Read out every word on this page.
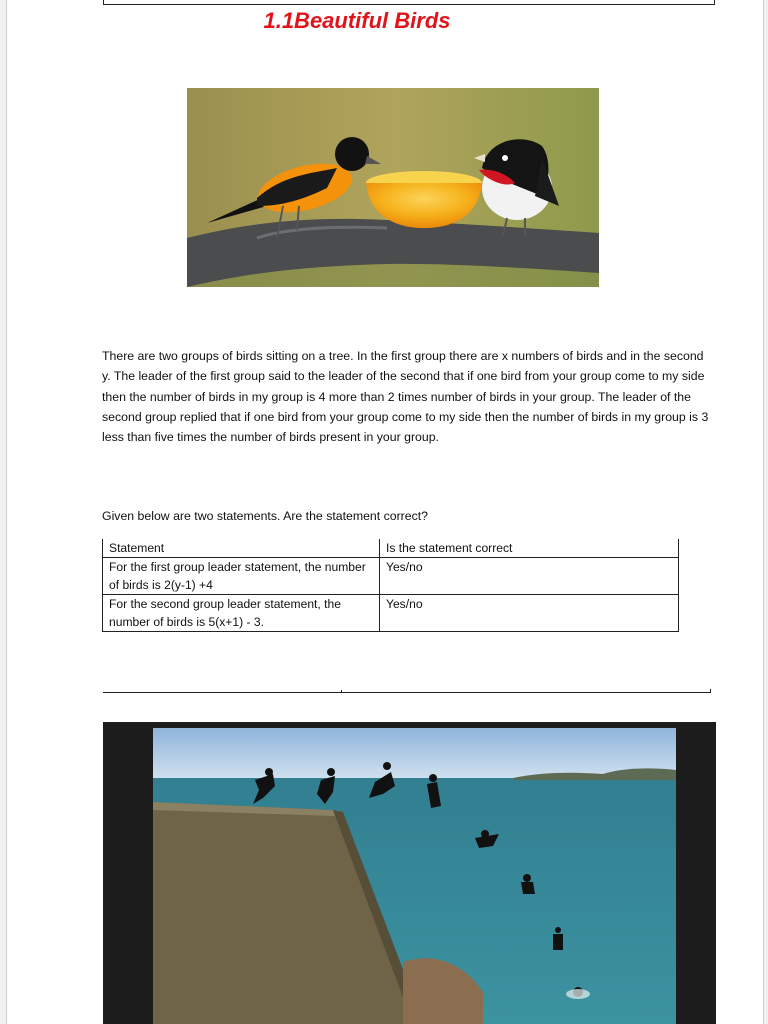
1.1Beautiful Birds

There are two groups of birds sitting on a tree. In the first group there are x numbers of birds and in the second y. The leader of the first group said to the leader of the second that if one bird from your group come to my side then the number of birds in my group is 4 more than 2 times number of birds in your group. The leader of the second group replied that if one bird from your group come to my side then the number of birds in my group is 3 less than five times the number of birds present in your group.

Given below are two statements. Are the statement correct?
Statement	Is the statement correct
For the first group leader statement, the number of birds is 2(y-1) +4	Yes/no
For the second group leader statement, the number of birds is 5(x+1) - 3.	Yes/no
